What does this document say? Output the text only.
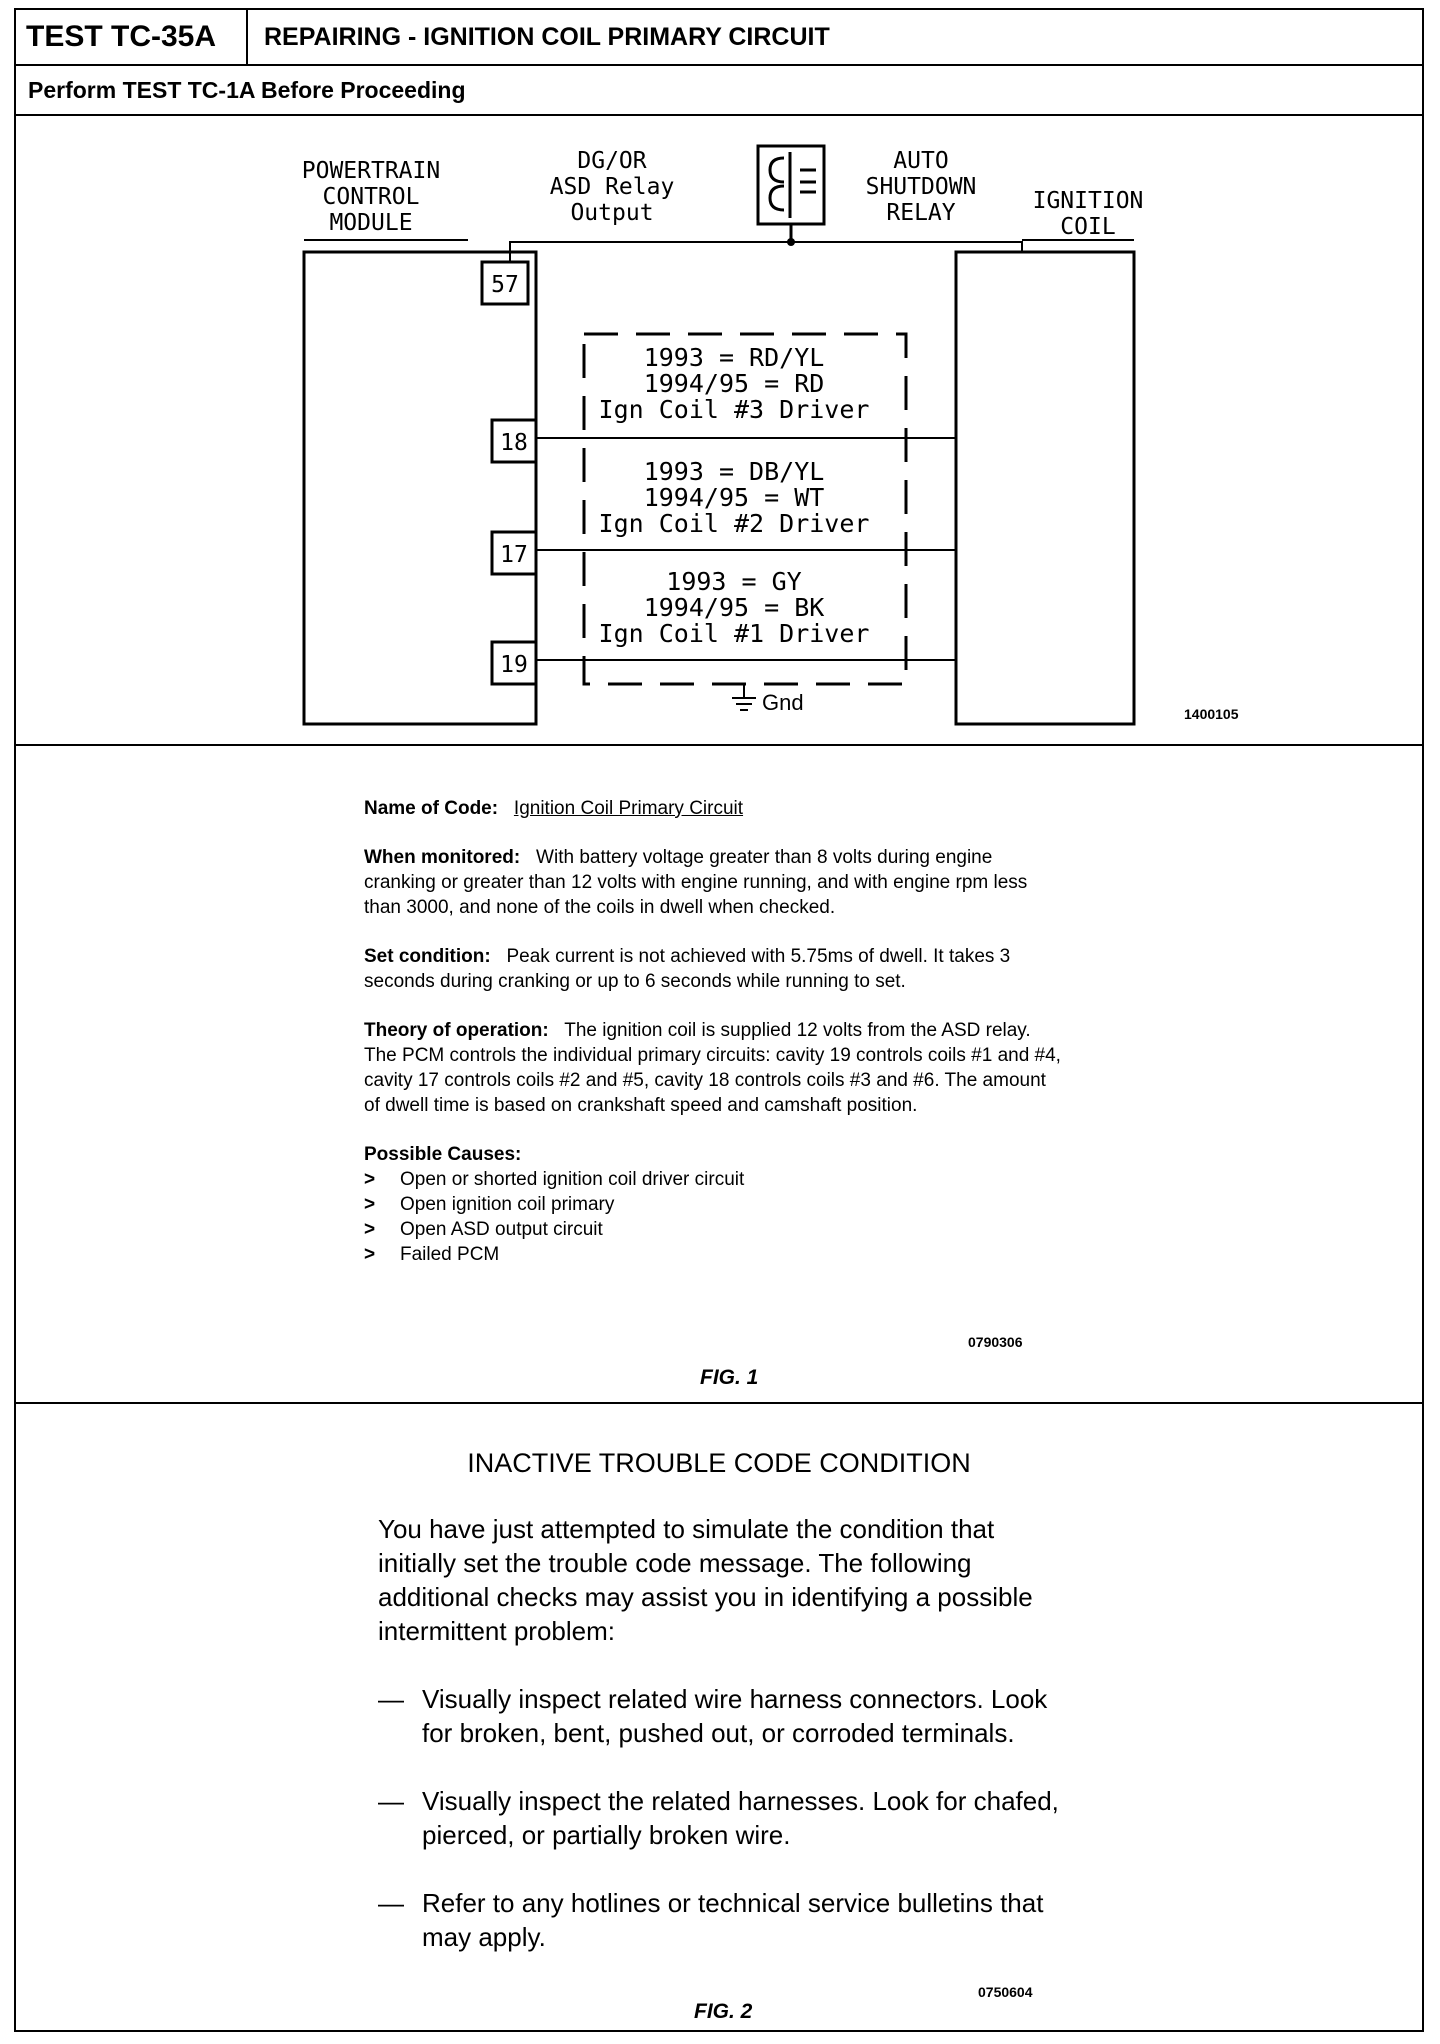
TEST TC-35A	REPAIRING - IGNITION COIL PRIMARY CIRCUIT
Perform TEST TC-1A Before Proceeding
POWERTRAIN
CONTROL
MODULE
DG/OR
ASD Relay
Output
AUTO
SHUTDOWN
RELAY	IGNITION
COIL
57
18
1993 = RD/YL
1994/95 = RD
Ign Coil #3 Driver
17
1993 = DB/YL
1994/95 = WT
Ign Coil #2 Driver
19
1993 = GY
1994/95 = BK
Ign Coil #1 Driver
Gnd	1400105

Name of Code: Ignition Coil Primary Circuit

When monitored: With battery voltage greater than 8 volts during engine cranking or greater than 12 volts with engine running, and with engine rpm less than 3000, and none of the coils in dwell when checked.

Set condition: Peak current is not achieved with 5.75ms of dwell. It takes 3 seconds during cranking or up to 6 seconds while running to set.

Theory of operation: The ignition coil is supplied 12 volts from the ASD relay. The PCM controls the individual primary circuits: cavity 19 controls coils #1 and #4, cavity 17 controls coils #2 and #5, cavity 18 controls coils #3 and #6. The amount of dwell time is based on crankshaft speed and camshaft position.

Possible Causes:
> Open or shorted ignition coil driver circuit
> Open ignition coil primary
> Open ASD output circuit
> Failed PCM
0790306
FIG. 1
INACTIVE TROUBLE CODE CONDITION

You have just attempted to simulate the condition that initially set the trouble code message. The following additional checks may assist you in identifying a possible intermittent problem:

— Visually inspect related wire harness connectors. Look for broken, bent, pushed out, or corroded terminals.
— Visually inspect the related harnesses. Look for chafed, pierced, or partially broken wire.
— Refer to any hotlines or technical service bulletins that may apply.
0750604
FIG. 2
